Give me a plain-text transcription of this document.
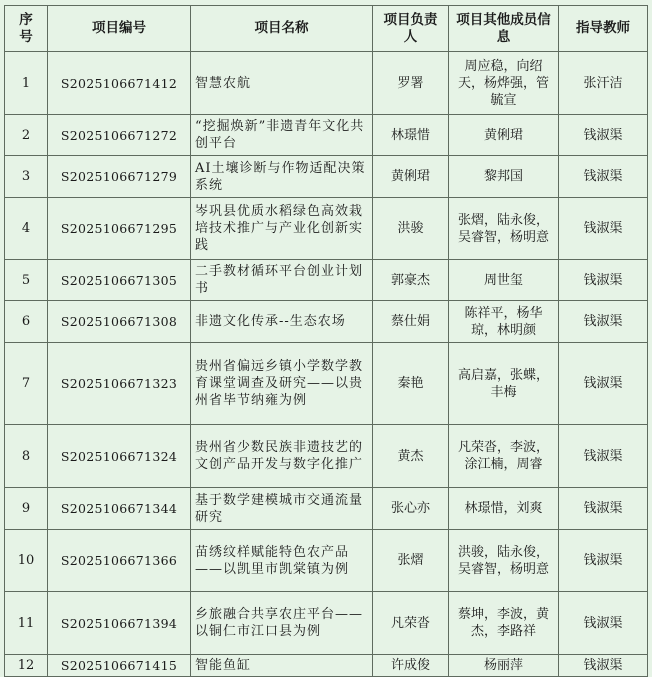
序号	项目编号	项目名称	项目负责人	项目其他成员信息	指导教师
1	S2025106671412	智慧农航	罗署	周应稳，向绍天，杨烨强，管毓宣	张汗洁
2	S2025106671272	“挖掘焕新”非遗青年文化共创平台	林璟惜	黄俐珺	钱淑渠
3	S2025106671279	AI土壤诊断与作物适配决策系统	黄俐珺	黎邦国	钱淑渠
4	S2025106671295	岑巩县优质水稻绿色高效栽培技术推广与产业化创新实践	洪骏	张熠，陆永俊，吴睿智，杨明意	钱淑渠
5	S2025106671305	二手教材循环平台创业计划书	郭豪杰	周世玺	钱淑渠
6	S2025106671308	非遗文化传承--生态农场	蔡仕娟	陈祥平，杨华琼，林明颜	钱淑渠
7	S2025106671323	贵州省偏远乡镇小学数学教育课堂调查及研究——以贵州省毕节纳雍为例	秦艳	高启嘉，张蝶，丰梅	钱淑渠
8	S2025106671324	贵州省少数民族非遗技艺的文创产品开发与数字化推广	黄杰	凡荣沓，李波，涂江楠，周睿	钱淑渠
9	S2025106671344	基于数学建模城市交通流量研究	张心亦	林璟惜，刘爽	钱淑渠
10	S2025106671366	苗绣纹样赋能特色农产品——以凯里市凯棠镇为例	张熠	洪骏，陆永俊，吴睿智，杨明意	钱淑渠
11	S2025106671394	乡旅融合共享农庄平台——以铜仁市江口县为例	凡荣沓	蔡坤，李波，黄杰，李路祥	钱淑渠
12	S2025106671415	智能鱼缸	许成俊	杨丽萍	钱淑渠
